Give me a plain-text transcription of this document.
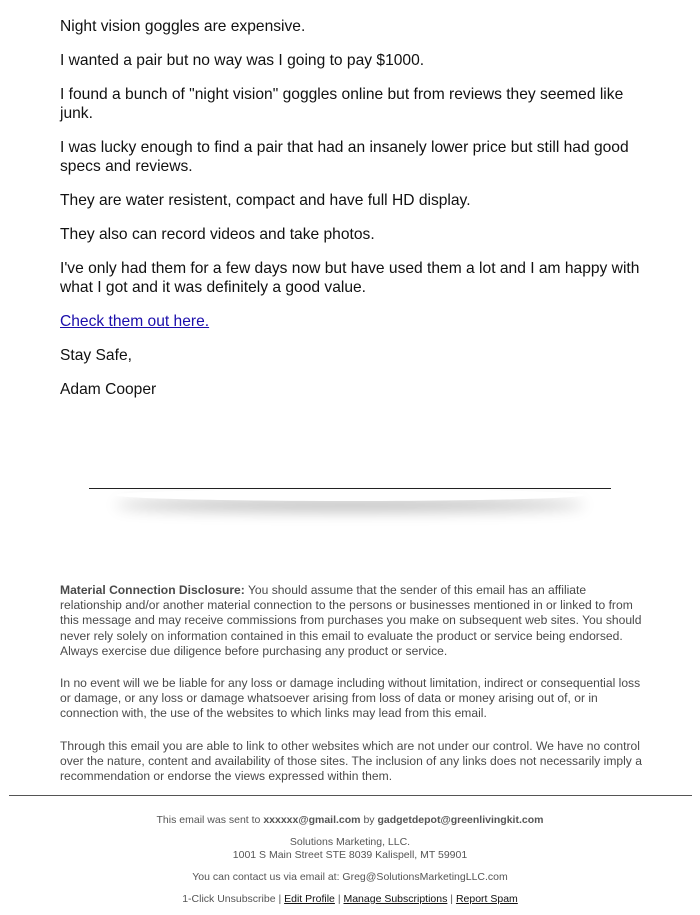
Night vision goggles are expensive.

I wanted a pair but no way was I going to pay $1000.

I found a bunch of "night vision" goggles online but from reviews they seemed like junk.

I was lucky enough to find a pair that had an insanely lower price but still had good specs and reviews.

They are water resistent, compact and have full HD display.

They also can record videos and take photos.

I've only had them for a few days now but have used them a lot and I am happy with what I got and it was definitely a good value.

Check them out here.

Stay Safe,

Adam Cooper

Material Connection Disclosure: You should assume that the sender of this email has an affiliate relationship and/or another material connection to the persons or businesses mentioned in or linked to from this message and may receive commissions from purchases you make on subsequent web sites. You should never rely solely on information contained in this email to evaluate the product or service being endorsed. Always exercise due diligence before purchasing any product or service.

In no event will we be liable for any loss or damage including without limitation, indirect or consequential loss or damage, or any loss or damage whatsoever arising from loss of data or money arising out of, or in connection with, the use of the websites to which links may lead from this email.

Through this email you are able to link to other websites which are not under our control. We have no control over the nature, content and availability of those sites. The inclusion of any links does not necessarily imply a recommendation or endorse the views expressed within them.

This email was sent to xxxxxx@gmail.com by gadgetdepot@greenlivingkit.com

Solutions Marketing, LLC.
1001 S Main Street STE 8039 Kalispell, MT 59901

You can contact us via email at: Greg@SolutionsMarketingLLC.com

1-Click Unsubscribe | Edit Profile | Manage Subscriptions | Report Spam
